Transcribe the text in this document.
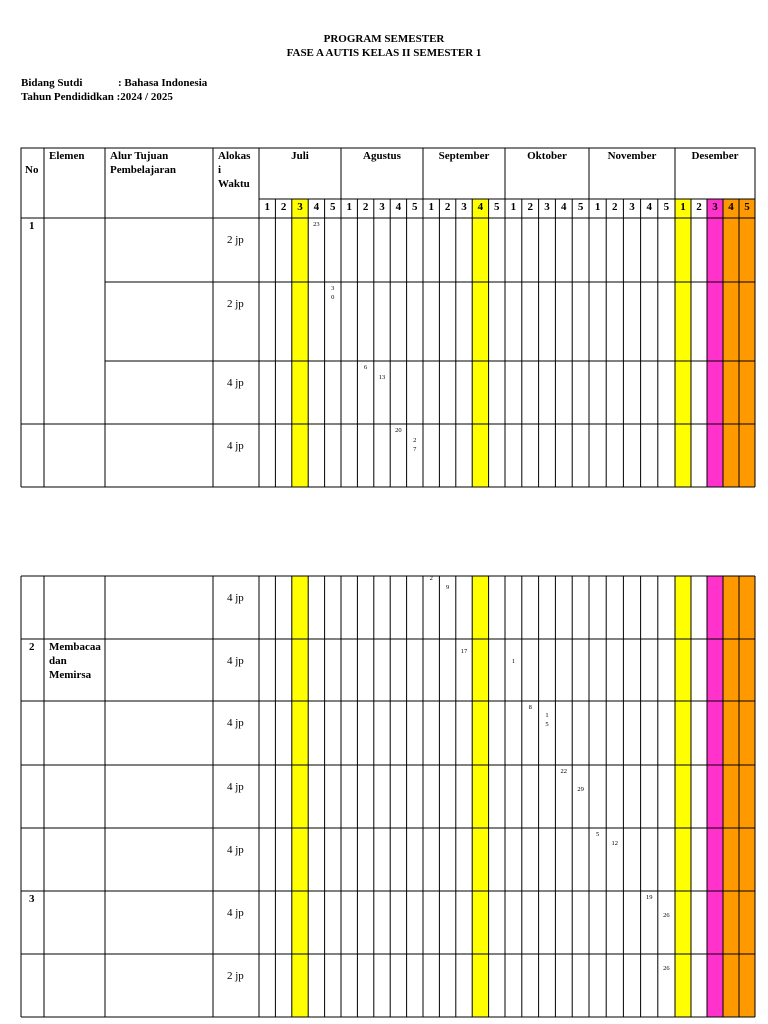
PROGRAM SEMESTER
FASE A AUTIS KELAS II SEMESTER 1
Bidang Sutdi	: Bahasa Indonesia
Tahun Pendididkan :2024 / 2025
Juli
1 2 3 4 5
Agustus
1 2 3 4 5
September
1 2 3 4 5
Oktober
1 2 3 4 5
November
1 2 3 4 5
Desember
1 2 3 4 5
No
Elemen Alur Tujuan
Pembelajaran
Alokas
i
Waktu
1
2 jp
23
2 jp
3
0
4 jp
6
13
4 jp
20
2
7
4 jp
2
9
2 Membacaa
dan
Memirsa
4 jp
17
1
4 jp
8
1
5
4 jp
22
29
4 jp
5
12
3
4 jp
19
26
2 jp
26
